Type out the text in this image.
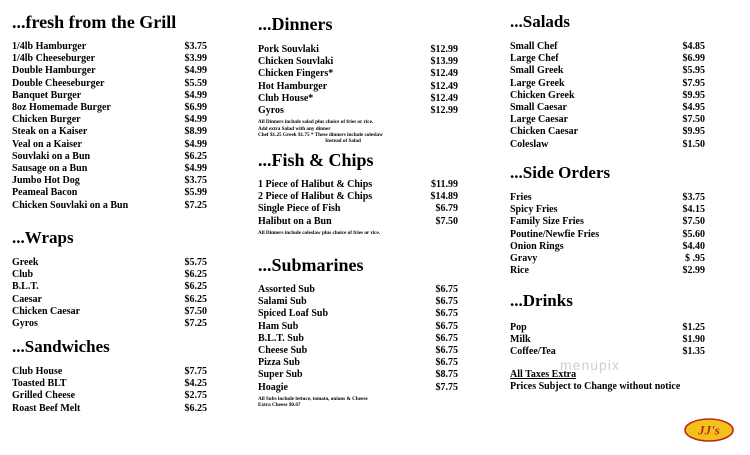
...fresh from the Grill
1/4lb Hamburger	$3.75
1/4lb Cheeseburger	$3.99
Double Hamburger	$4.99
Double Cheeseburger	$5.59
Banquet Burger	$4.99
8oz Homemade Burger	$6.99
Chicken Burger	$4.99
Steak on a Kaiser	$8.99
Veal on a Kaiser	$4.99
Souvlaki on a Bun	$6.25
Sausage on a Bun	$4.99
Jumbo Hot Dog	$3.75
Peameal Bacon	$5.99
Chicken Souvlaki on a Bun	$7.25
...Wraps
Greek	$5.75
Club	$6.25
B.L.T.	$6.25
Caesar	$6.25
Chicken Caesar	$7.50
Gyros	$7.25
...Sandwiches
Club House	$7.75
Toasted BLT	$4.25
Grilled Cheese	$2.75
Roast Beef Melt	$6.25
...Dinners
Pork Souvlaki	$12.99
Chicken Souvlaki	$13.99
Chicken Fingers*	$12.49
Hot Hamburger	$12.49
Club House*	$12.49
Gyros	$12.99
All Dinners include salad plus choice of fries or rice.
Add extra Salad with any dinner
Chef $1.25 Greek $1.75 * These dinners include coleslaw
Instead of Salad
...Fish & Chips
1 Piece of Halibut & Chips	$11.99
2 Piece of Halibut & Chips	$14.89
Single Piece of Fish	$6.79
Halibut on a Bun	$7.50
All Dinners include coleslaw plus choice of fries or rice.
...Submarines
Assorted Sub	$6.75
Salami Sub	$6.75
Spiced Loaf Sub	$6.75
Ham Sub	$6.75
B.L.T. Sub	$6.75
Cheese Sub	$6.75
Pizza Sub	$6.75
Super Sub	$8.75
Hoagie	$7.75
All Subs include lettuce, tomato, onions & Cheese
Extra Cheese $0.67
...Salads
Small Chef	$4.85
Large Chef	$6.99
Small Greek	$5.95
Large Greek	$7.95
Chicken Greek	$9.95
Small Caesar	$4.95
Large Caesar	$7.50
Chicken Caesar	$9.95
Coleslaw	$1.50
...Side Orders
Fries	$3.75
Spicy Fries	$4.15
Family Size Fries	$7.50
Poutine/Newfie Fries	$5.60
Onion Rings	$4.40
Gravy	$ .95
Rice	$2.99
...Drinks
Pop	$1.25
Milk	$1.90
Coffee/Tea	$1.35
All Taxes Extra
Prices Subject to Change without notice
menupix
JJ's
